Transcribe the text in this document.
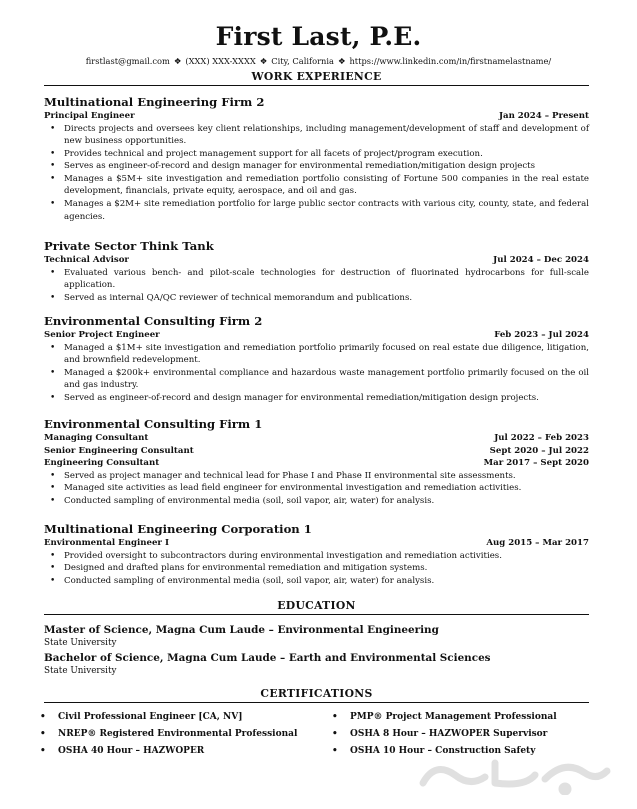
First Last, P.E.
firstlast@gmail.com ❖ (XXX) XXX-XXXX ❖ City, California ❖ https://www.linkedin.com/in/firstnamelastname/
WORK EXPERIENCE
Multinational Engineering Firm 2
Principal Engineer	Jan 2024 – Present
• Directs projects and oversees key client relationships, including management/development of staff and development of new business opportunities.
• Provides technical and project management support for all facets of project/program execution.
• Serves as engineer-of-record and design manager for environmental remediation/mitigation design projects
• Manages a $5M+ site investigation and remediation portfolio consisting of Fortune 500 companies in the real estate development, financials, private equity, aerospace, and oil and gas.
• Manages a $2M+ site remediation portfolio for large public sector contracts with various city, county, state, and federal agencies.
Private Sector Think Tank
Technical Advisor	Jul 2024 – Dec 2024
• Evaluated various bench- and pilot-scale technologies for destruction of fluorinated hydrocarbons for full-scale application.
• Served as internal QA/QC reviewer of technical memorandum and publications.
Environmental Consulting Firm 2
Senior Project Engineer	Feb 2023 – Jul 2024
• Managed a $1M+ site investigation and remediation portfolio primarily focused on real estate due diligence, litigation, and brownfield redevelopment.
• Managed a $200k+ environmental compliance and hazardous waste management portfolio primarily focused on the oil and gas industry.
• Served as engineer-of-record and design manager for environmental remediation/mitigation design projects.
Environmental Consulting Firm 1
Managing Consultant	Jul 2022 – Feb 2023
Senior Engineering Consultant	Sept 2020 – Jul 2022
Engineering Consultant	Mar 2017 – Sept 2020
• Served as project manager and technical lead for Phase I and Phase II environmental site assessments.
• Managed site activities as lead field engineer for environmental investigation and remediation activities.
• Conducted sampling of environmental media (soil, soil vapor, air, water) for analysis.
Multinational Engineering Corporation 1
Environmental Engineer I	Aug 2015 – Mar 2017
• Provided oversight to subcontractors during environmental investigation and remediation activities.
• Designed and drafted plans for environmental remediation and mitigation systems.
• Conducted sampling of environmental media (soil, soil vapor, air, water) for analysis.
EDUCATION
Master of Science, Magna Cum Laude – Environmental Engineering
State University
Bachelor of Science, Magna Cum Laude – Earth and Environmental Sciences
State University
CERTIFICATIONS
• Civil Professional Engineer [CA, NV]	• PMP® Project Management Professional
• NREP® Registered Environmental Professional	• OSHA 8 Hour – HAZWOPER Supervisor
• OSHA 40 Hour – HAZWOPER	• OSHA 10 Hour – Construction Safety
